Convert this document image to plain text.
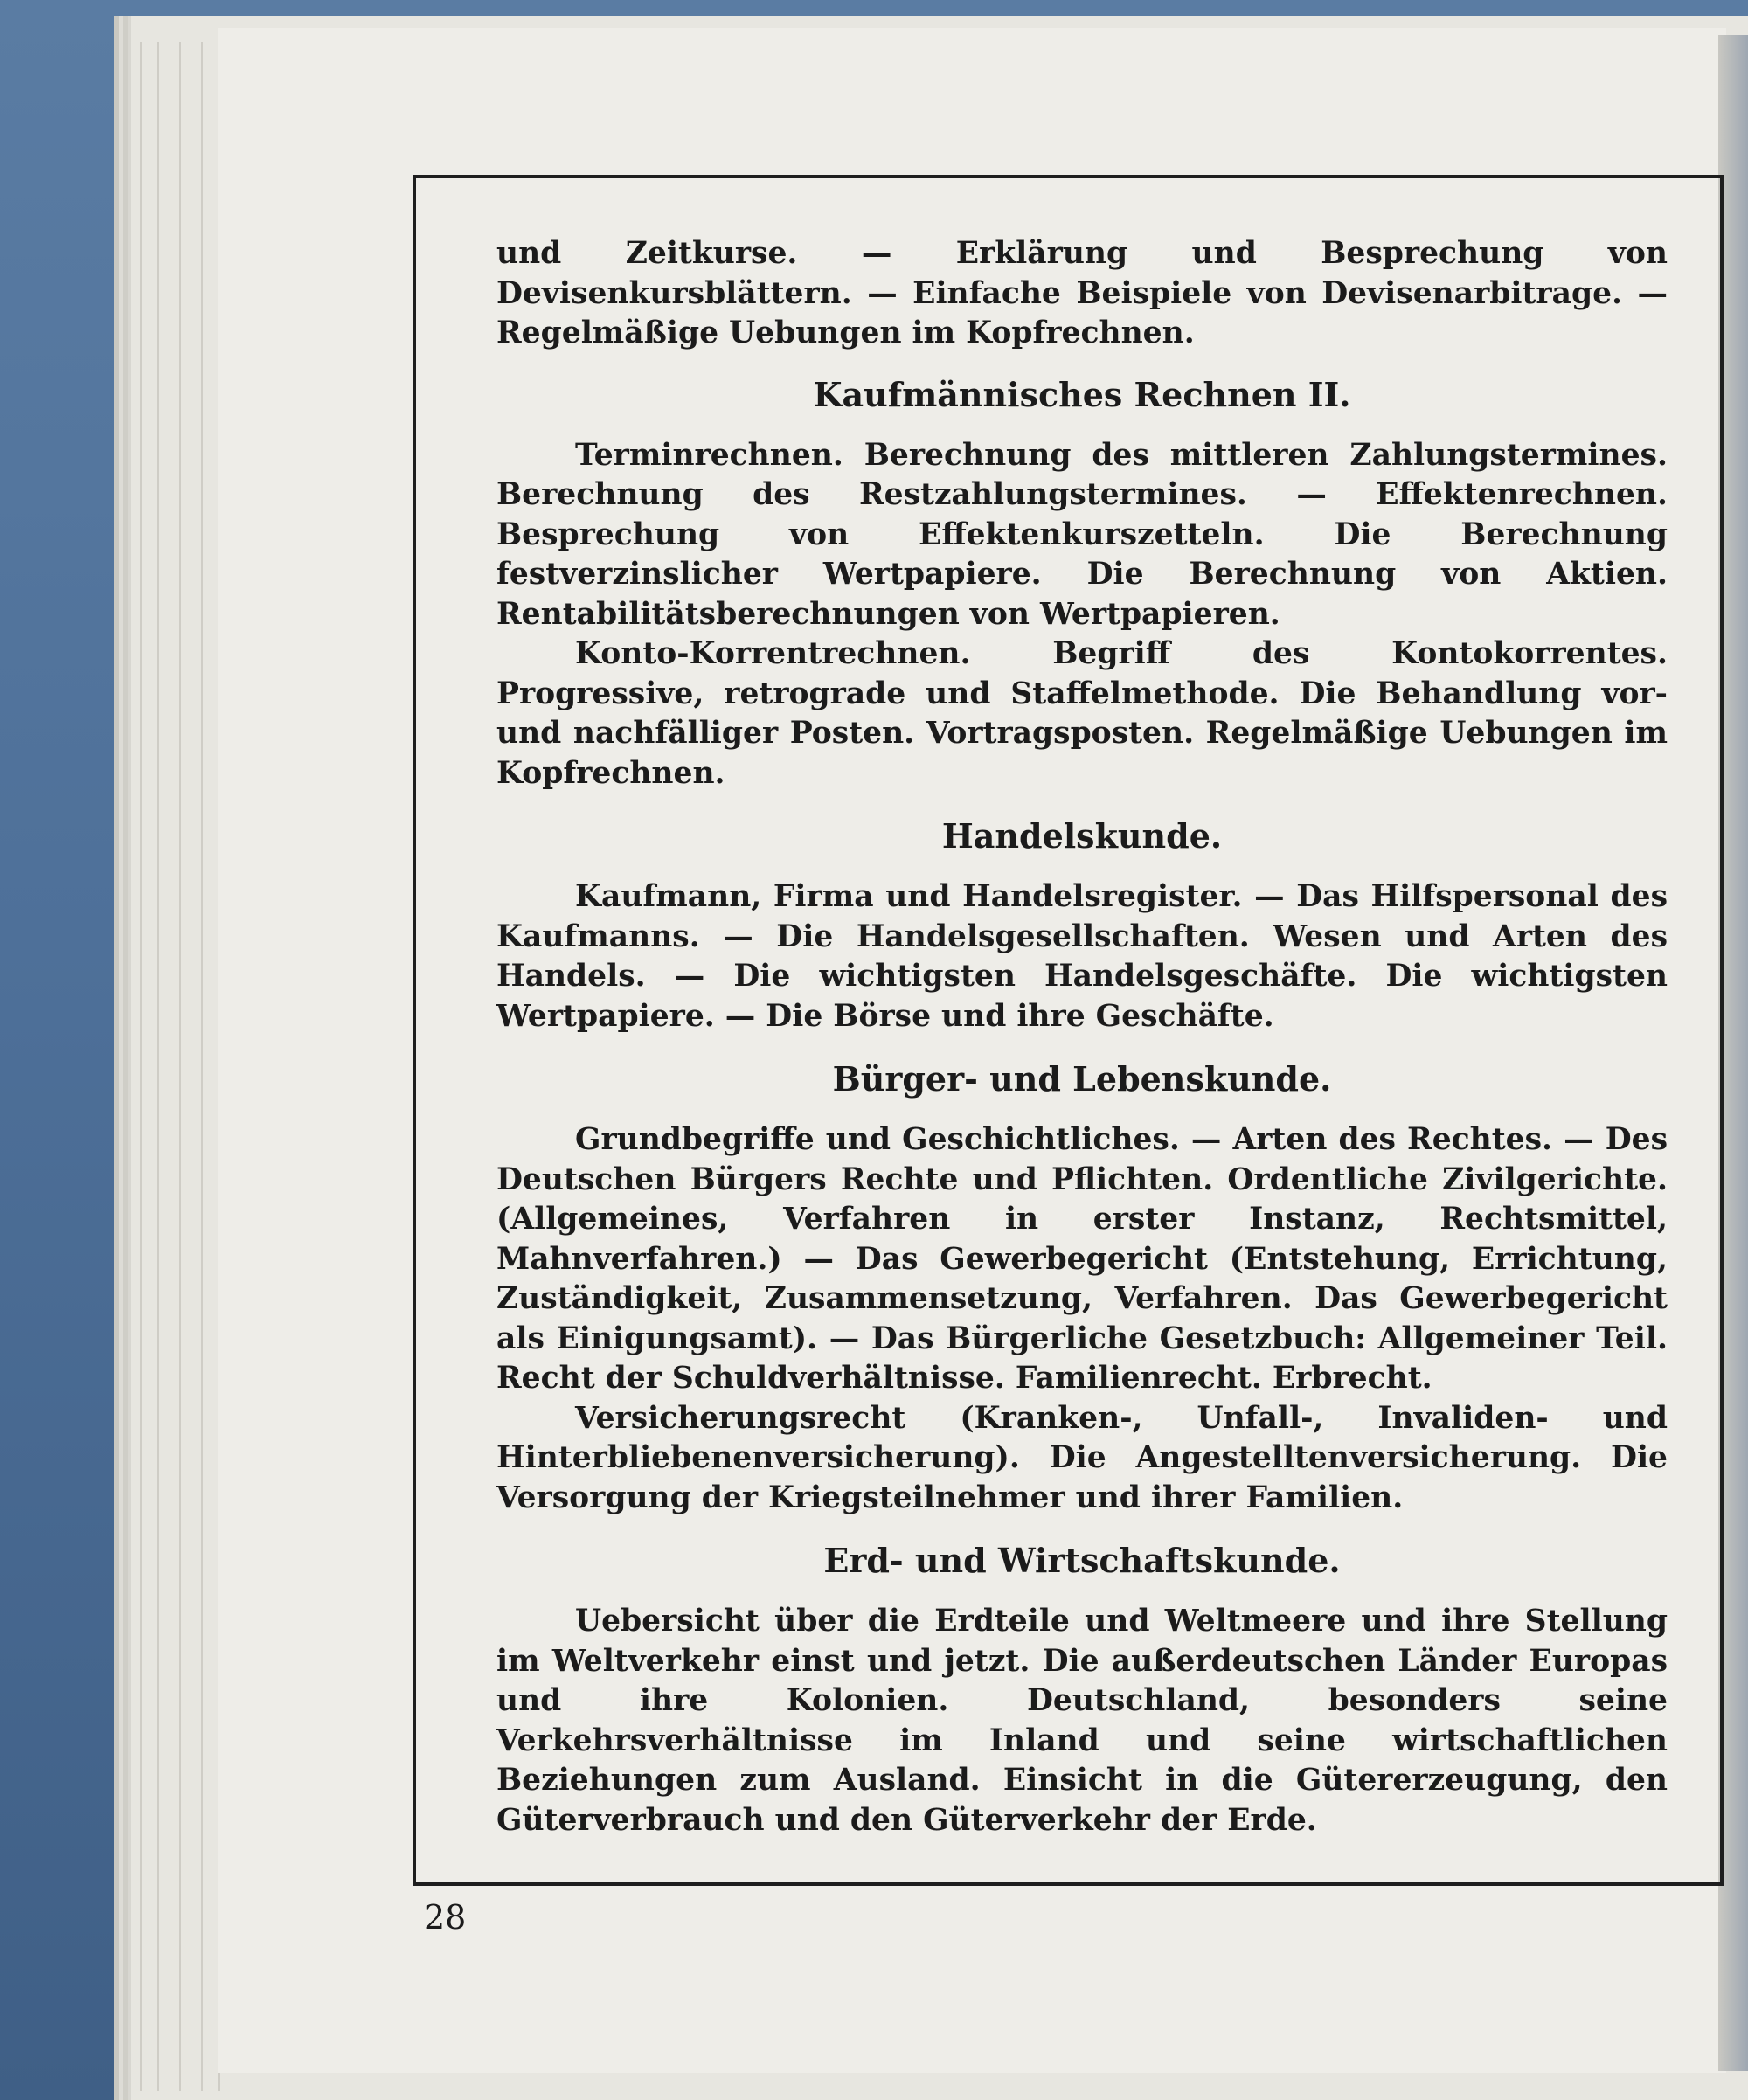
und Zeitkurse. — Erklärung und Besprechung von Devisenkursblättern. — Einfache Beispiele von Devisenarbitrage. — Regelmäßige Uebungen im Kopfrechnen.

Kaufmännisches Rechnen II.

Terminrechnen. Berechnung des mittleren Zahlungstermines. Berechnung des Restzahlungstermines. — Effektenrechnen. Besprechung von Effektenkurszetteln. Die Berechnung festverzinslicher Wertpapiere. Die Berechnung von Aktien. Rentabilitätsberechnungen von Wertpapieren.

Konto-Korrentrechnen. Begriff des Kontokorrentes. Progressive, retrograde und Staffelmethode. Die Behandlung vor- und nachfälliger Posten. Vortragsposten. Regelmäßige Uebungen im Kopfrechnen.

Handelskunde.

Kaufmann, Firma und Handelsregister. — Das Hilfspersonal des Kaufmanns. — Die Handelsgesellschaften. Wesen und Arten des Handels. — Die wichtigsten Handelsgeschäfte. Die wichtigsten Wertpapiere. — Die Börse und ihre Geschäfte.

Bürger- und Lebenskunde.

Grundbegriffe und Geschichtliches. — Arten des Rechtes. — Des Deutschen Bürgers Rechte und Pflichten. Ordentliche Zivilgerichte. (Allgemeines, Verfahren in erster Instanz, Rechtsmittel, Mahnverfahren.) — Das Gewerbegericht (Entstehung, Errichtung, Zuständigkeit, Zusammensetzung, Verfahren. Das Gewerbegericht als Einigungsamt). — Das Bürgerliche Gesetzbuch: Allgemeiner Teil. Recht der Schuldverhältnisse. Familienrecht. Erbrecht.

Versicherungsrecht (Kranken-, Unfall-, Invaliden- und Hinterbliebenenversicherung). Die Angestelltenversicherung. Die Versorgung der Kriegsteilnehmer und ihrer Familien.

Erd- und Wirtschaftskunde.

Uebersicht über die Erdteile und Weltmeere und ihre Stellung im Weltverkehr einst und jetzt. Die außerdeutschen Länder Europas und ihre Kolonien. Deutschland, besonders seine Verkehrsverhältnisse im Inland und seine wirtschaftlichen Beziehungen zum Ausland. Einsicht in die Gütererzeugung, den Güterverbrauch und den Güterverkehr der Erde.

28
